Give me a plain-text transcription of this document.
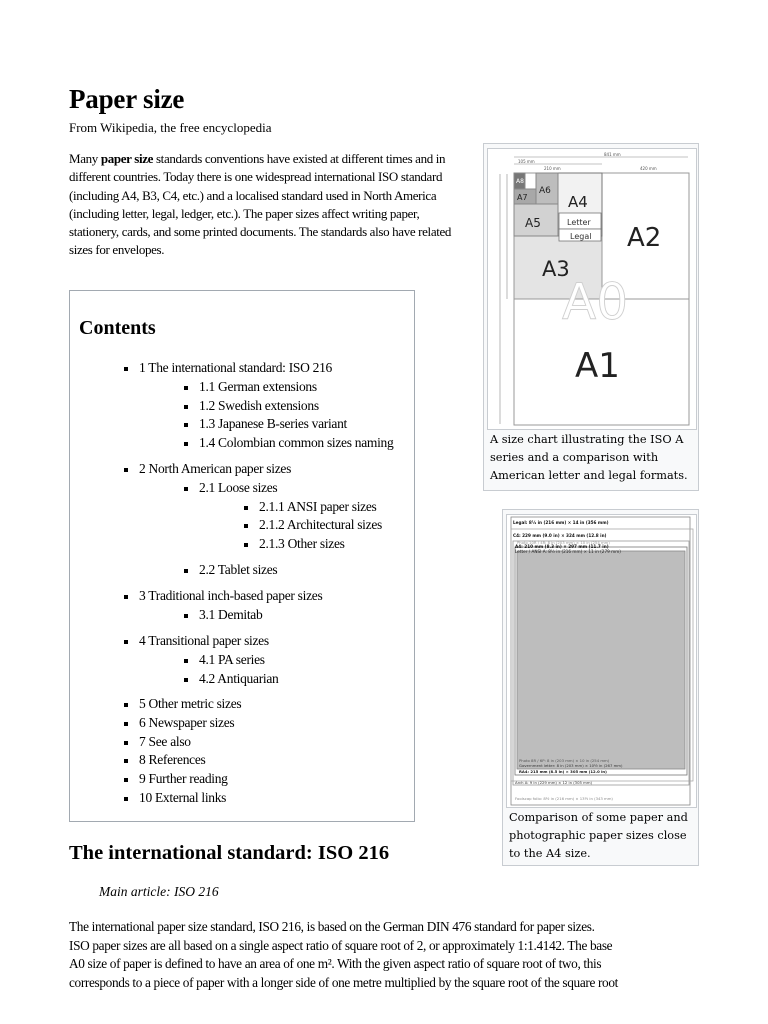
Paper size
From Wikipedia, the free encyclopedia
Many paper size standards conventions have existed at different times and in different countries. Today there is one widespread international ISO standard (including A4, B3, C4, etc.) and a localised standard used in North America (including letter, legal, ledger, etc.). The paper sizes affect writing paper, stationery, cards, and some printed documents. The standards also have related sizes for envelopes.
Contents
1 The international standard: ISO 216
1.1 German extensions
1.2 Swedish extensions
1.3 Japanese B-series variant
1.4 Colombian common sizes naming
2 North American paper sizes
2.1 Loose sizes
2.1.1 ANSI paper sizes
2.1.2 Architectural sizes
2.1.3 Other sizes
2.2 Tablet sizes
3 Traditional inch-based paper sizes
3.1 Demitab
4 Transitional paper sizes
4.1 PA series
4.2 Antiquarian
5 Other metric sizes
6 Newspaper sizes
7 See also
8 References
9 Further reading
10 External links
841 mm
105 mm
210 mm	420 mm
A8
A7
A6
A5
A4
Letter
Legal
A3
A2
A0
A1
A size chart illustrating the ISO A series and a comparison with American letter and legal formats.
Legal: 8½ in (216 mm) × 14 in (356 mm)
C4: 229 mm (9.0 in) × 324 mm (12.8 in)
Photo 10R / 4R: 8 in (203 mm) × 10 in (254 mm)
A4: 210 mm (8.3 in) × 297 mm (11.7 in)
Letter / ANSI A: 8½ in (216 mm) × 11 in (279 mm)
Photo 8R / 6P: 8 in (203 mm) × 10 in (254 mm)
Government letter: 8 in (203 mm) × 10½ in (267 mm)
RA4: 215 mm (8.5 in) × 305 mm (12.0 in)
Arch A: 9 in (229 mm) × 12 in (305 mm)
Foolscap folio: 8½ in (216 mm) × 13½ in (343 mm)
Comparison of some paper and photographic paper sizes close to the A4 size.
The international standard: ISO 216
Main article: ISO 216

The international paper size standard, ISO 216, is based on the German DIN 476 standard for paper sizes.
ISO paper sizes are all based on a single aspect ratio of square root of 2, or approximately 1:1.4142. The base
A0 size of paper is defined to have an area of one m². With the given aspect ratio of square root of two, this
corresponds to a piece of paper with a longer side of one metre multiplied by the square root of the square root
